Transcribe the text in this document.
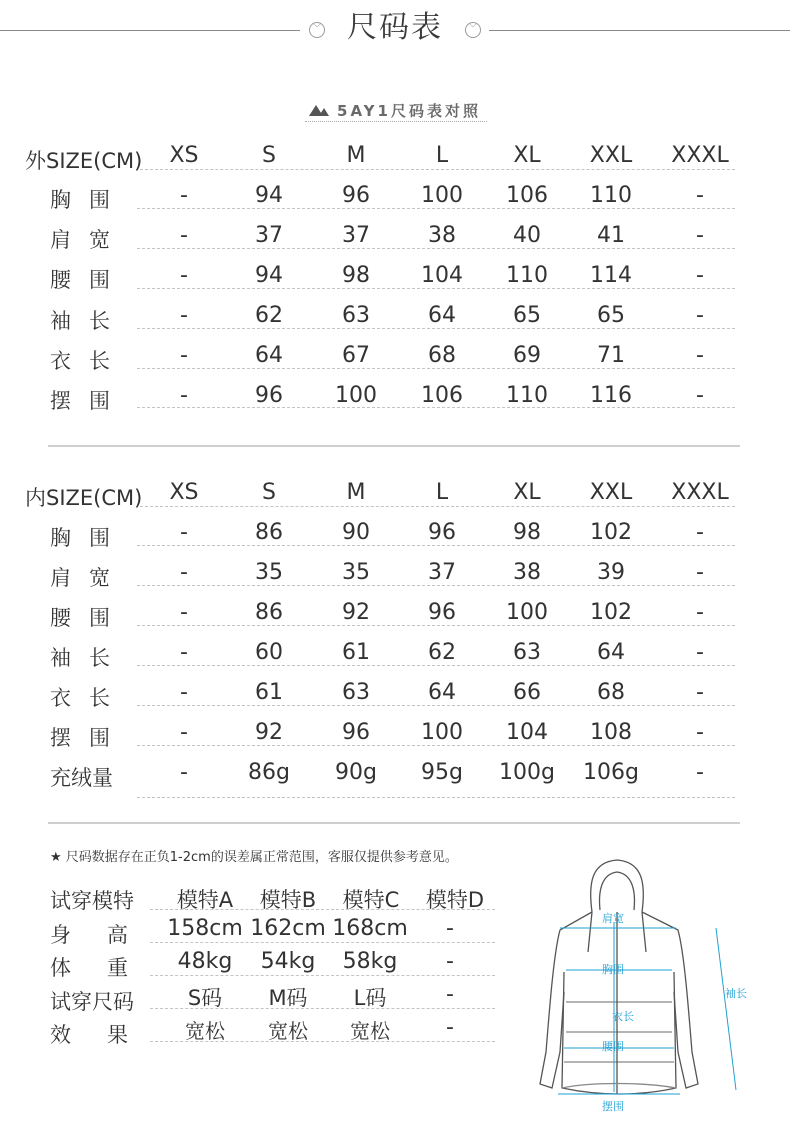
﹀ 尺码表	﹀
5AY1尺码表对照
外SIZE(CM)	XS	S	M	L	XL	XXL	XXXL
胸围	-	94	96	100	106	110	-
肩宽	-	37	37	38	40	41	-
腰围	-	94	98	104	110	114	-
袖长	-	62	63	64	65	65	-
衣长	-	64	67	68	69	71	-
摆围	-	96	100	106	110	116	-
内SIZE(CM)	XS	S	M	L	XL	XXL	XXXL
胸围	-	86	90	96	98	102	-
肩宽	-	35	35	37	38	39	-
腰围	-	86	92	96	100	102	-
袖长	-	60	61	62	63	64	-
衣长	-	61	63	64	66	68	-
摆围	-	92	96	100	104	108	-
充绒量	-	86g	90g	95g	100g	106g	-
★ 尺码数据存在正负1-2cm的误差属正常范围，客服仅提供参考意见。
试穿模特	模特A	模特B	模特C	模特D
身高 158cm 162cm 168cm	-
体重 48kg	54kg	58kg	-
试穿尺码	S码	M码	L码	-
效果	宽松	宽松	宽松	-
肩宽
胸围
衣长
腰围
摆围
袖长
